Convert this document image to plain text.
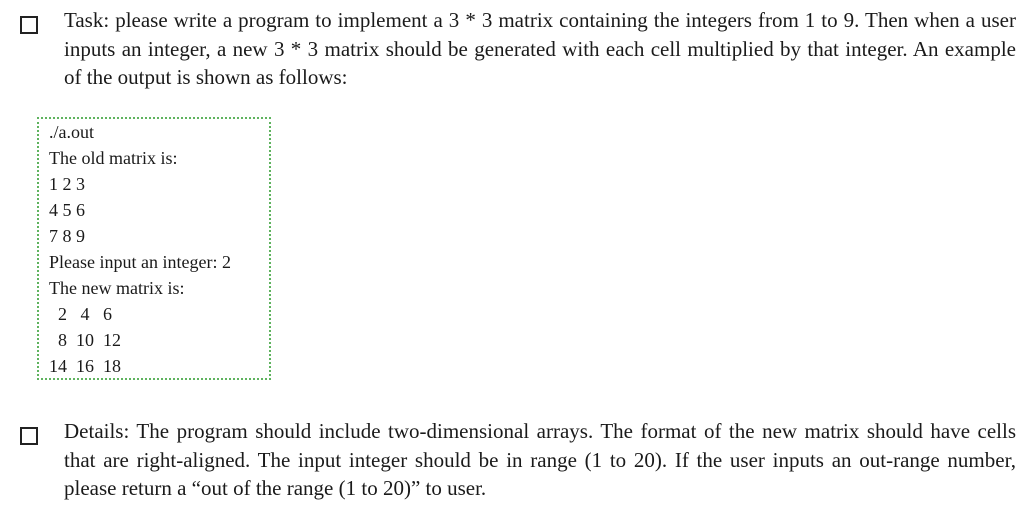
Task: please write a program to implement a 3 * 3 matrix containing the integers from 1 to 9. Then when a user inputs an integer, a new 3 * 3 matrix should be generated with each cell multiplied by that integer. An example of the output is shown as follows:
./a.out
The old matrix is:
1 2 3
4 5 6
7 8 9
Please input an integer: 2
The new matrix is:
2   4   6
8  10  12
14  16  18
Details: The program should include two-dimensional arrays. The format of the new matrix should have cells that are right-aligned. The input integer should be in range (1 to 20). If the user inputs an out-range number, please return a “out of the range (1 to 20)” to user.
